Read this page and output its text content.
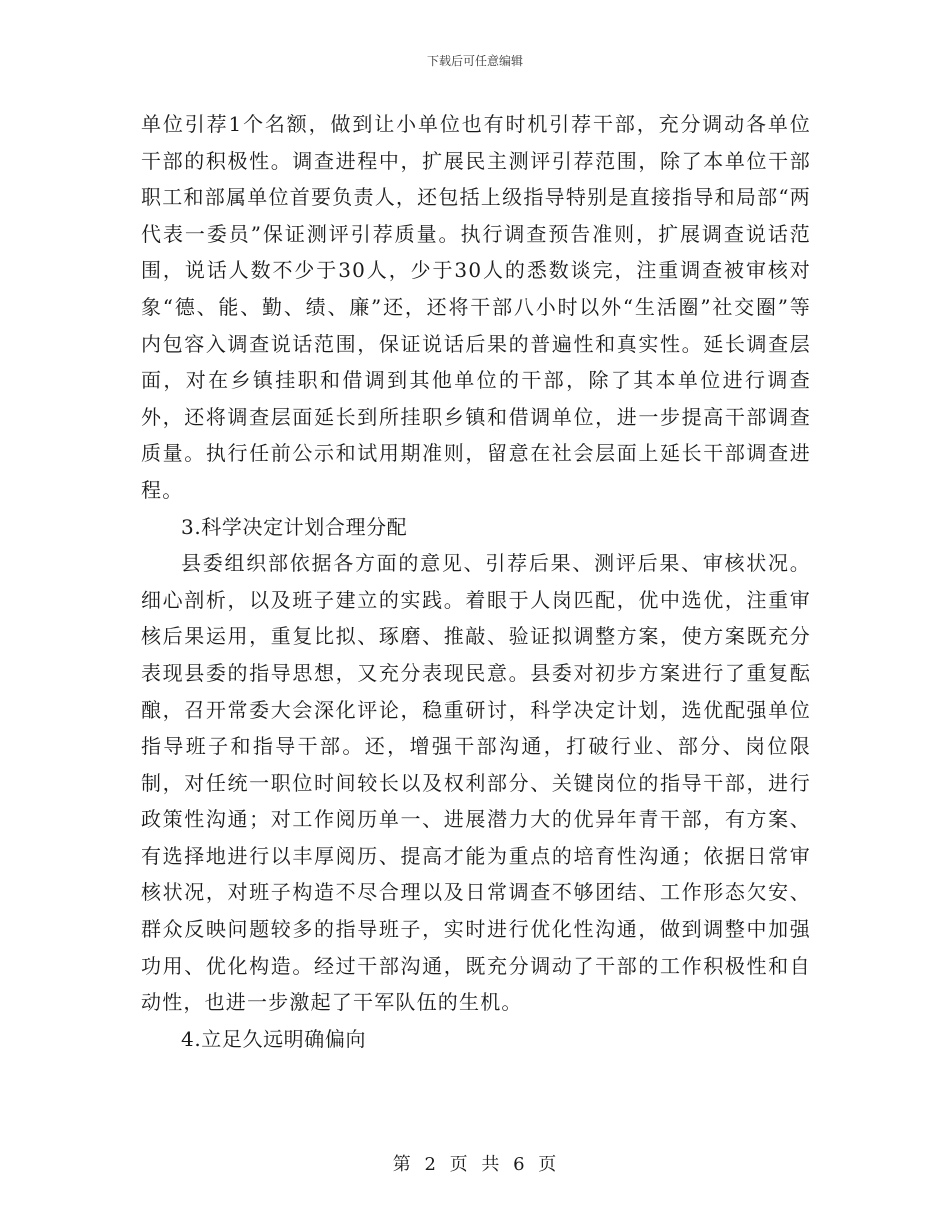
下载后可任意编辑

单位引荐1个名额，做到让小单位也有时机引荐干部，充分调动各单位干部的积极性。调查进程中，扩展民主测评引荐范围，除了本单位干部职工和部属单位首要负责人，还包括上级指导特别是直接指导和局部“两代表一委员”保证测评引荐质量。执行调查预告准则，扩展调查说话范围，说话人数不少于30人，少于30人的悉数谈完，注重调查被审核对象“德、能、勤、绩、廉”还，还将干部八小时以外“生活圈”社交圈”等内包容入调查说话范围，保证说话后果的普遍性和真实性。延长调查层面，对在乡镇挂职和借调到其他单位的干部，除了其本单位进行调查外，还将调查层面延长到所挂职乡镇和借调单位，进一步提高干部调查质量。执行任前公示和试用期准则，留意在社会层面上延长干部调查进程。

3.科学决定计划合理分配

县委组织部依据各方面的意见、引荐后果、测评后果、审核状况。细心剖析，以及班子建立的实践。着眼于人岗匹配，优中选优，注重审核后果运用，重复比拟、琢磨、推敲、验证拟调整方案，使方案既充分表现县委的指导思想，又充分表现民意。县委对初步方案进行了重复酝酿，召开常委大会深化评论，稳重研讨，科学决定计划，选优配强单位指导班子和指导干部。还，增强干部沟通，打破行业、部分、岗位限制，对任统一职位时间较长以及权利部分、关键岗位的指导干部，进行政策性沟通；对工作阅历单一、进展潜力大的优异年青干部，有方案、有选择地进行以丰厚阅历、提高才能为重点的培育性沟通；依据日常审核状况，对班子构造不尽合理以及日常调查不够团结、工作形态欠安、群众反映问题较多的指导班子，实时进行优化性沟通，做到调整中加强功用、优化构造。经过干部沟通，既充分调动了干部的工作积极性和自动性，也进一步激起了干军队伍的生机。

4.立足久远明确偏向

第 2 页 共 6 页
